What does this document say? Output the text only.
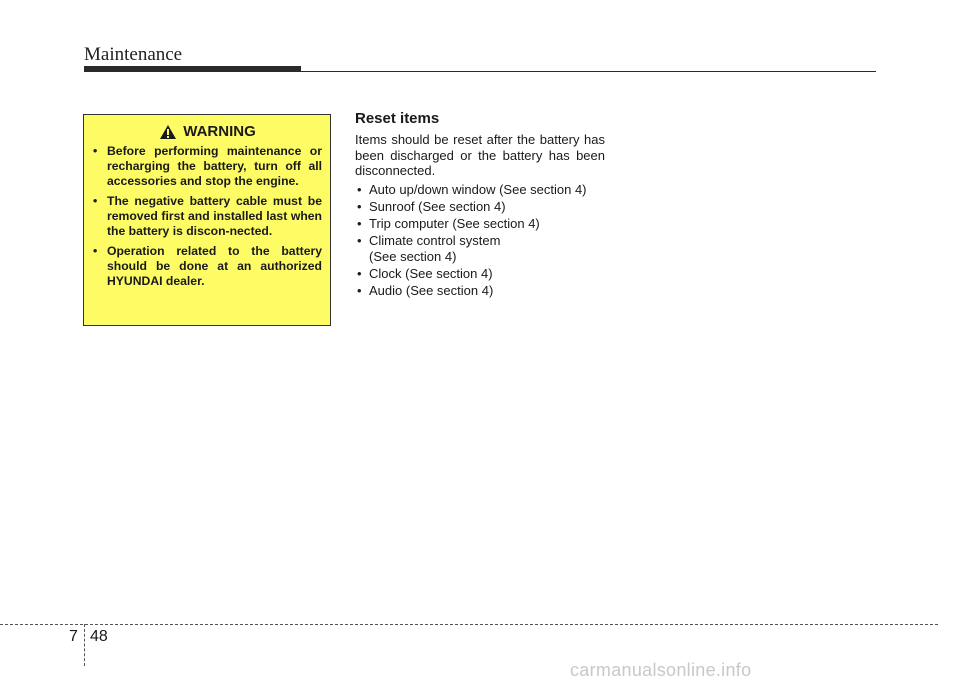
Maintenance
WARNING
• Before performing maintenance or recharging the battery, turn off all accessories and stop the engine.
• The negative battery cable must be removed first and installed last when the battery is discon-nected.
• Operation related to the battery should be done at an authorized HYUNDAI dealer.
Reset items

Items should be reset after the battery has been discharged or the battery has been disconnected.

• Auto up/down window (See section 4)
• Sunroof (See section 4)
• Trip computer (See section 4)
• Climate control system
(See section 4)
• Clock (See section 4)
• Audio (See section 4)
7 48
carmanualsonline.info
